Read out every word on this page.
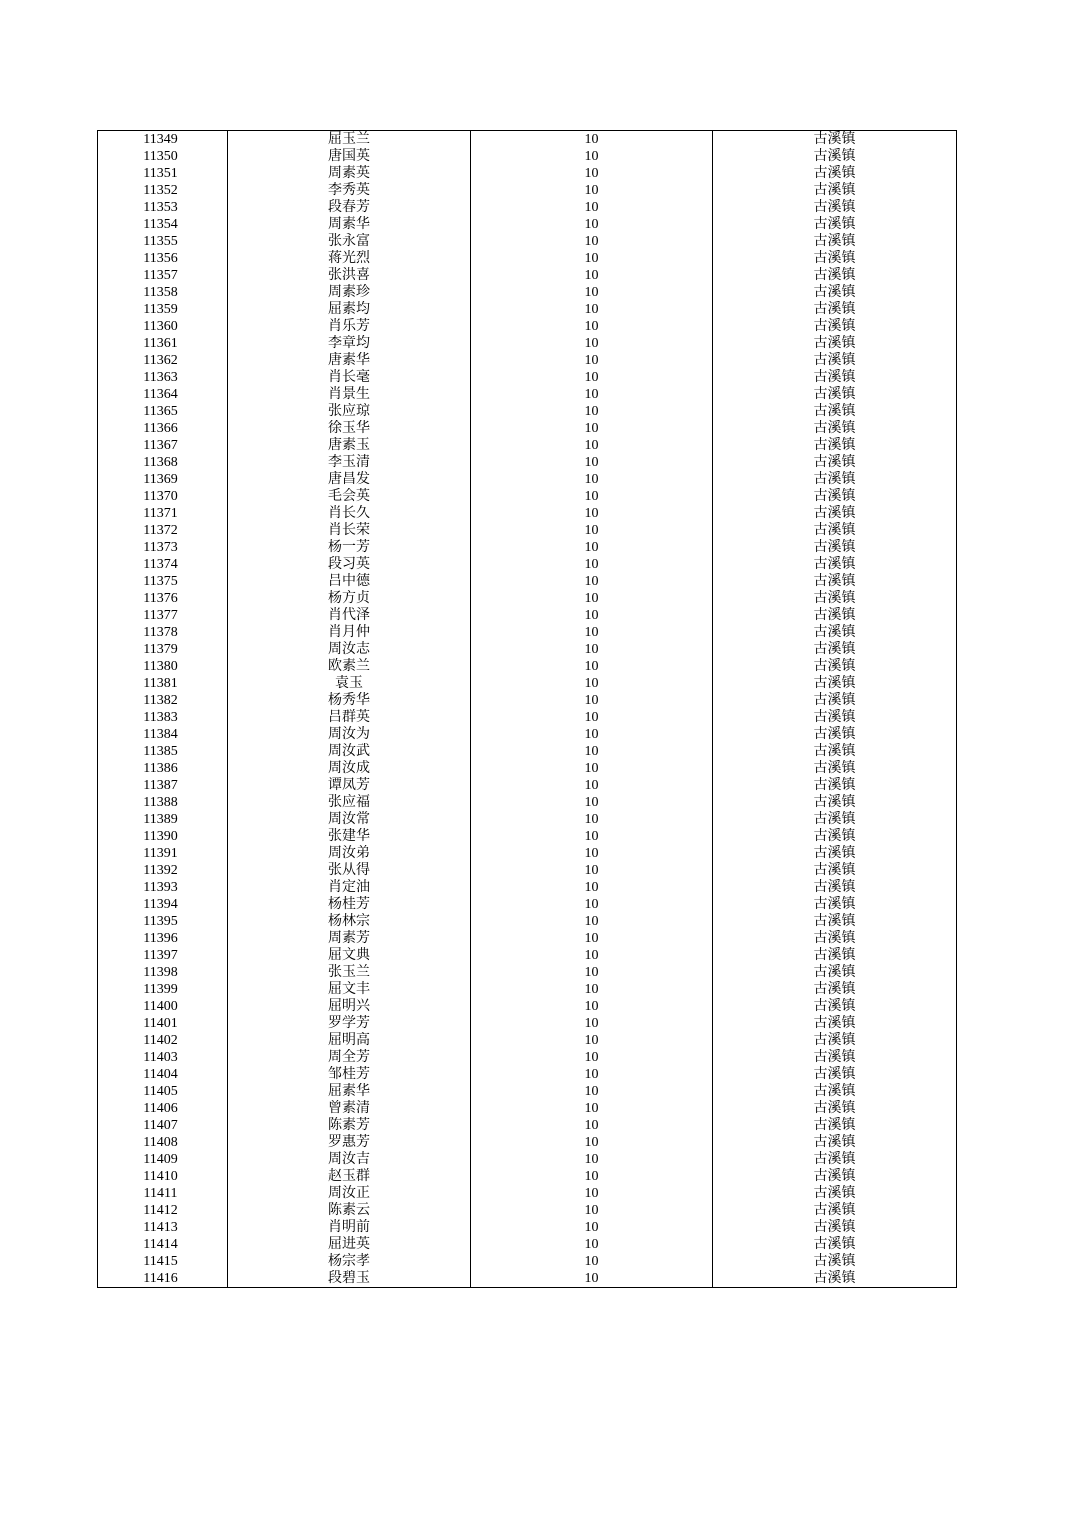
11349	屈玉兰	10	古溪镇
11350	唐国英	10	古溪镇
11351	周素英	10	古溪镇
11352	李秀英	10	古溪镇
11353	段春芳	10	古溪镇
11354	周素华	10	古溪镇
11355	张永富	10	古溪镇
11356	蒋光烈	10	古溪镇
11357	张洪喜	10	古溪镇
11358	周素珍	10	古溪镇
11359	屈素均	10	古溪镇
11360	肖乐芳	10	古溪镇
11361	李章均	10	古溪镇
11362	唐素华	10	古溪镇
11363	肖长毫	10	古溪镇
11364	肖景生	10	古溪镇
11365	张应琼	10	古溪镇
11366	徐玉华	10	古溪镇
11367	唐素玉	10	古溪镇
11368	李玉清	10	古溪镇
11369	唐昌发	10	古溪镇
11370	毛会英	10	古溪镇
11371	肖长久	10	古溪镇
11372	肖长荣	10	古溪镇
11373	杨一芳	10	古溪镇
11374	段习英	10	古溪镇
11375	吕中德	10	古溪镇
11376	杨方贞	10	古溪镇
11377	肖代泽	10	古溪镇
11378	肖月仲	10	古溪镇
11379	周汝志	10	古溪镇
11380	欧素兰	10	古溪镇
11381	袁玉	10	古溪镇
11382	杨秀华	10	古溪镇
11383	吕群英	10	古溪镇
11384	周汝为	10	古溪镇
11385	周汝武	10	古溪镇
11386	周汝成	10	古溪镇
11387	谭凤芳	10	古溪镇
11388	张应福	10	古溪镇
11389	周汝常	10	古溪镇
11390	张建华	10	古溪镇
11391	周汝弟	10	古溪镇
11392	张从得	10	古溪镇
11393	肖定油	10	古溪镇
11394	杨桂芳	10	古溪镇
11395	杨林宗	10	古溪镇
11396	周素芳	10	古溪镇
11397	屈文典	10	古溪镇
11398	张玉兰	10	古溪镇
11399	屈文丰	10	古溪镇
11400	屈明兴	10	古溪镇
11401	罗学芳	10	古溪镇
11402	屈明高	10	古溪镇
11403	周全芳	10	古溪镇
11404	邹桂芳	10	古溪镇
11405	屈素华	10	古溪镇
11406	曾素清	10	古溪镇
11407	陈素芳	10	古溪镇
11408	罗惠芳	10	古溪镇
11409	周汝吉	10	古溪镇
11410	赵玉群	10	古溪镇
11411	周汝正	10	古溪镇
11412	陈素云	10	古溪镇
11413	肖明前	10	古溪镇
11414	屈进英	10	古溪镇
11415	杨宗孝	10	古溪镇
11416	段碧玉	10	古溪镇
